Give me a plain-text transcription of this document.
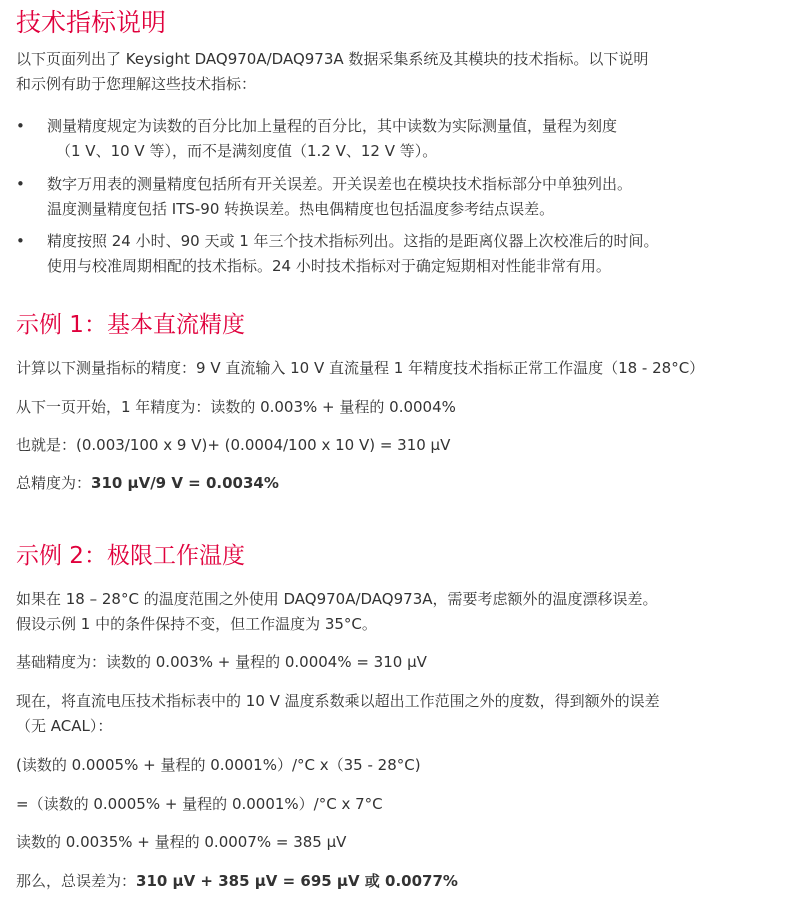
技术指标说明
以下页面列出了 Keysight DAQ970A/DAQ973A 数据采集系统及其模块的技术指标。以下说明
和示例有助于您理解这些技术指标：
• 测量精度规定为读数的百分比加上量程的百分比，其中读数为实际测量值，量程为刻度
（1 V、10 V 等），而不是满刻度值（1.2 V、12 V 等）。
• 数字万用表的测量精度包括所有开关误差。开关误差也在模块技术指标部分中单独列出。
温度测量精度包括 ITS-90 转换误差。热电偶精度也包括温度参考结点误差。
• 精度按照 24 小时、90 天或 1 年三个技术指标列出。这指的是距离仪器上次校准后的时间。
使用与校准周期相配的技术指标。24 小时技术指标对于确定短期相对性能非常有用。
示例 1：基本直流精度
计算以下测量指标的精度：9 V 直流输入 10 V 直流量程 1 年精度技术指标正常工作温度（18 - 28°C）
从下一页开始，1 年精度为：读数的 0.003% + 量程的 0.0004%
也就是：(0.003/100 x 9 V)+ (0.0004/100 x 10 V) = 310 µV
总精度为：310 µV/9 V = 0.0034%
示例 2：极限工作温度
如果在 18 – 28°C 的温度范围之外使用 DAQ970A/DAQ973A，需要考虑额外的温度漂移误差。
假设示例 1 中的条件保持不变，但工作温度为 35°C。
基础精度为：读数的 0.003% + 量程的 0.0004% = 310 µV
现在，将直流电压技术指标表中的 10 V 温度系数乘以超出工作范围之外的度数，得到额外的误差
（无 ACAL）：
(读数的 0.0005% + 量程的 0.0001%）/°C x（35 - 28°C)
=（读数的 0.0005% + 量程的 0.0001%）/°C x 7°C
读数的 0.0035% + 量程的 0.0007% = 385 µV
那么，总误差为：310 µV + 385 µV = 695 µV 或 0.0077%
